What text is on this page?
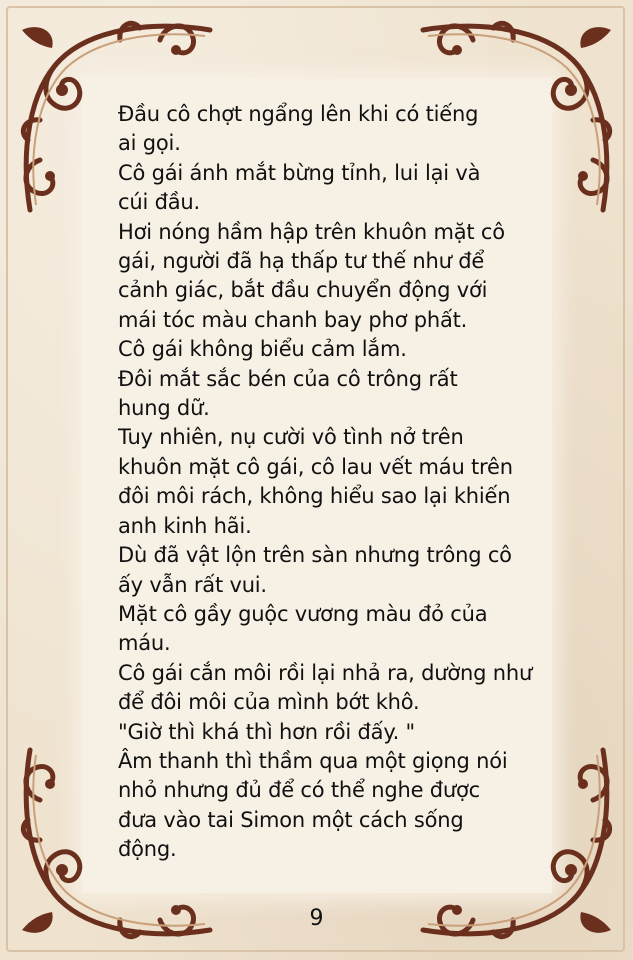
Đầu cô chợt ngẩng lên khi có tiếng
ai gọi.
Cô gái ánh mắt bừng tỉnh, lui lại và
cúi đầu.
Hơi nóng hầm hập trên khuôn mặt cô
gái, người đã hạ thấp tư thế như để
cảnh giác, bắt đầu chuyển động với
mái tóc màu chanh bay phơ phất.
Cô gái không biểu cảm lắm.
Đôi mắt sắc bén của cô trông rất
hung dữ.
Tuy nhiên, nụ cười vô tình nở trên
khuôn mặt cô gái, cô lau vết máu trên
đôi môi rách, không hiểu sao lại khiến
anh kinh hãi.
Dù đã vật lộn trên sàn nhưng trông cô
ấy vẫn rất vui.
Mặt cô gầy guộc vương màu đỏ của
máu.
Cô gái cắn môi rồi lại nhả ra, dường như
để đôi môi của mình bớt khô.
"Giờ thì khá thì hơn rồi đấy. "
Âm thanh thì thầm qua một giọng nói
nhỏ nhưng đủ để có thể nghe được
đưa vào tai Simon một cách sống
động.
9
